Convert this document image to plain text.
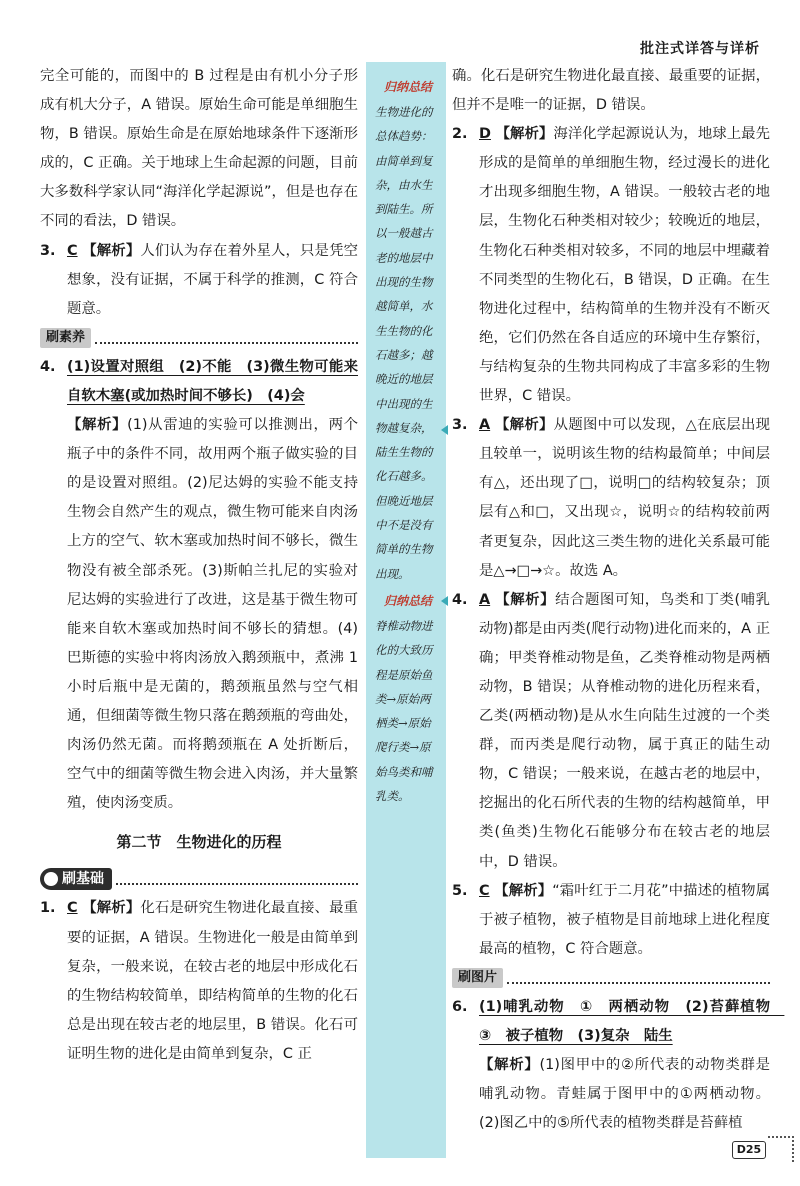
批注式详答与详析

完全可能的，而图中的 B 过程是由有机小分子形成有机大分子，A 错误。原始生命可能是单细胞生物，B 错误。原始生命是在原始地球条件下逐渐形成的，C 正确。关于地球上生命起源的问题，目前大多数科学家认同“海洋化学起源说”，但是也存在不同的看法，D 错误。

3. C 【解析】人们认为存在着外星人，只是凭空想象，没有证据，不属于科学的推测，C 符合题意。

刷素养

4. (1)设置对照组　(2)不能　(3)微生物可能来自软木塞(或加热时间不够长)　(4)会
【解析】(1)从雷迪的实验可以推测出，两个瓶子中的条件不同，故用两个瓶子做实验的目的是设置对照组。(2)尼达姆的实验不能支持生物会自然产生的观点，微生物可能来自肉汤上方的空气、软木塞或加热时间不够长，微生物没有被全部杀死。(3)斯帕兰扎尼的实验对尼达姆的实验进行了改进，这是基于微生物可能来自软木塞或加热时间不够长的猜想。(4)巴斯德的实验中将肉汤放入鹅颈瓶中，煮沸 1 小时后瓶中是无菌的，鹅颈瓶虽然与空气相通，但细菌等微生物只落在鹅颈瓶的弯曲处，肉汤仍然无菌。而将鹅颈瓶在 A 处折断后，空气中的细菌等微生物会进入肉汤，并大量繁殖，使肉汤变质。

第二节　生物进化的历程
刷基础

1. C 【解析】化石是研究生物进化最直接、最重要的证据，A 错误。生物进化一般是由简单到复杂，一般来说，在较古老的地层中形成化石的生物结构较简单，即结构简单的生物的化石总是出现在较古老的地层里，B 错误。化石可证明生物的进化是由简单到复杂，C 正

归纳总结
生物进化的总体趋势：由简单到复杂，由水生到陆生。所以一般越古老的地层中出现的生物越简单，水生生物的化石越多；越晚近的地层中出现的生物越复杂，陆生生物的化石越多。但晚近地层中不是没有简单的生物出现。
归纳总结
脊椎动物进化的大致历程是原始鱼类→原始两栖类→原始爬行类→原始鸟类和哺乳类。

确。化石是研究生物进化最直接、最重要的证据，但并不是唯一的证据，D 错误。

2. D 【解析】海洋化学起源说认为，地球上最先形成的是简单的单细胞生物，经过漫长的进化才出现多细胞生物，A 错误。一般较古老的地层，生物化石种类相对较少；较晚近的地层，生物化石种类相对较多，不同的地层中埋藏着不同类型的生物化石，B 错误，D 正确。在生物进化过程中，结构简单的生物并没有不断灭绝，它们仍然在各自适应的环境中生存繁衍，与结构复杂的生物共同构成了丰富多彩的生物世界，C 错误。

3. A 【解析】从题图中可以发现，△在底层出现且较单一，说明该生物的结构最简单；中间层有△，还出现了□，说明□的结构较复杂；顶层有△和□，又出现☆，说明☆的结构较前两者更复杂，因此这三类生物的进化关系最可能是△→□→☆。故选 A。

4. A 【解析】结合题图可知，鸟类和丁类(哺乳动物)都是由丙类(爬行动物)进化而来的，A 正确；甲类脊椎动物是鱼，乙类脊椎动物是两栖动物，B 错误；从脊椎动物的进化历程来看，乙类(两栖动物)是从水生向陆生过渡的一个类群，而丙类是爬行动物，属于真正的陆生动物，C 错误；一般来说，在越古老的地层中，挖掘出的化石所代表的生物的结构越简单，甲类(鱼类)生物化石能够分布在较古老的地层中，D 错误。

5. C 【解析】“霜叶红于二月花”中描述的植物属于被子植物，被子植物是目前地球上进化程度最高的植物，C 符合题意。

刷图片

6. (1)哺乳动物　①　两栖动物　(2)苔藓植物　③　被子植物　(3)复杂　陆生
【解析】(1)图甲中的②所代表的动物类群是哺乳动物。青蛙属于图甲中的①两栖动物。(2)图乙中的⑤所代表的植物类群是苔藓植

D25
